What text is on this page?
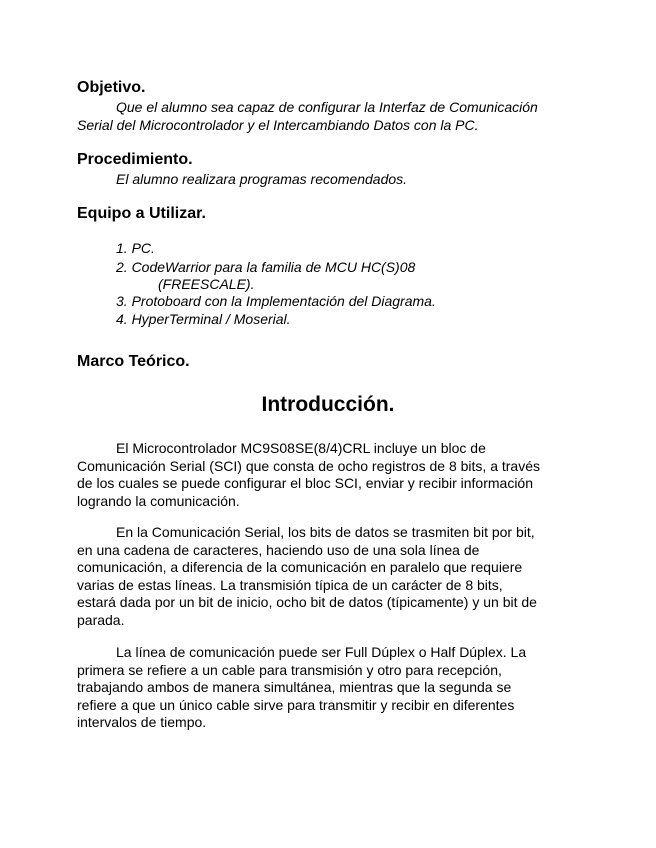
Objetivo.

Que el alumno sea capaz de configurar la Interfaz de Comunicación

Serial del Microcontrolador y el Intercambiando Datos con la PC.

Procedimiento.

El alumno realizara programas recomendados.

Equipo a Utilizar.
1. PC.
2. CodeWarrior para la familia de MCU HC(S)08
(FREESCALE).
3. Protoboard con la Implementación del Diagrama.
4. HyperTerminal / Moserial.
Marco Teórico.
Introducción.
El Microcontrolador MC9S08SE(8/4)CRL incluye un bloc de
Comunicación Serial (SCI) que consta de ocho registros de 8 bits, a través
de los cuales se puede configurar el bloc SCI, enviar y recibir información
logrando la comunicación.
En la Comunicación Serial, los bits de datos se trasmiten bit por bit,
en una cadena de caracteres, haciendo uso de una sola línea de
comunicación, a diferencia de la comunicación en paralelo que requiere
varias de estas líneas. La transmisión típica de un carácter de 8 bits,
estará dada por un bit de inicio, ocho bit de datos (típicamente) y un bit de
parada.
La línea de comunicación puede ser Full Dúplex o Half Dúplex. La
primera se refiere a un cable para transmisión y otro para recepción,
trabajando ambos de manera simultánea, mientras que la segunda se
refiere a que un único cable sirve para transmitir y recibir en diferentes
intervalos de tiempo.
